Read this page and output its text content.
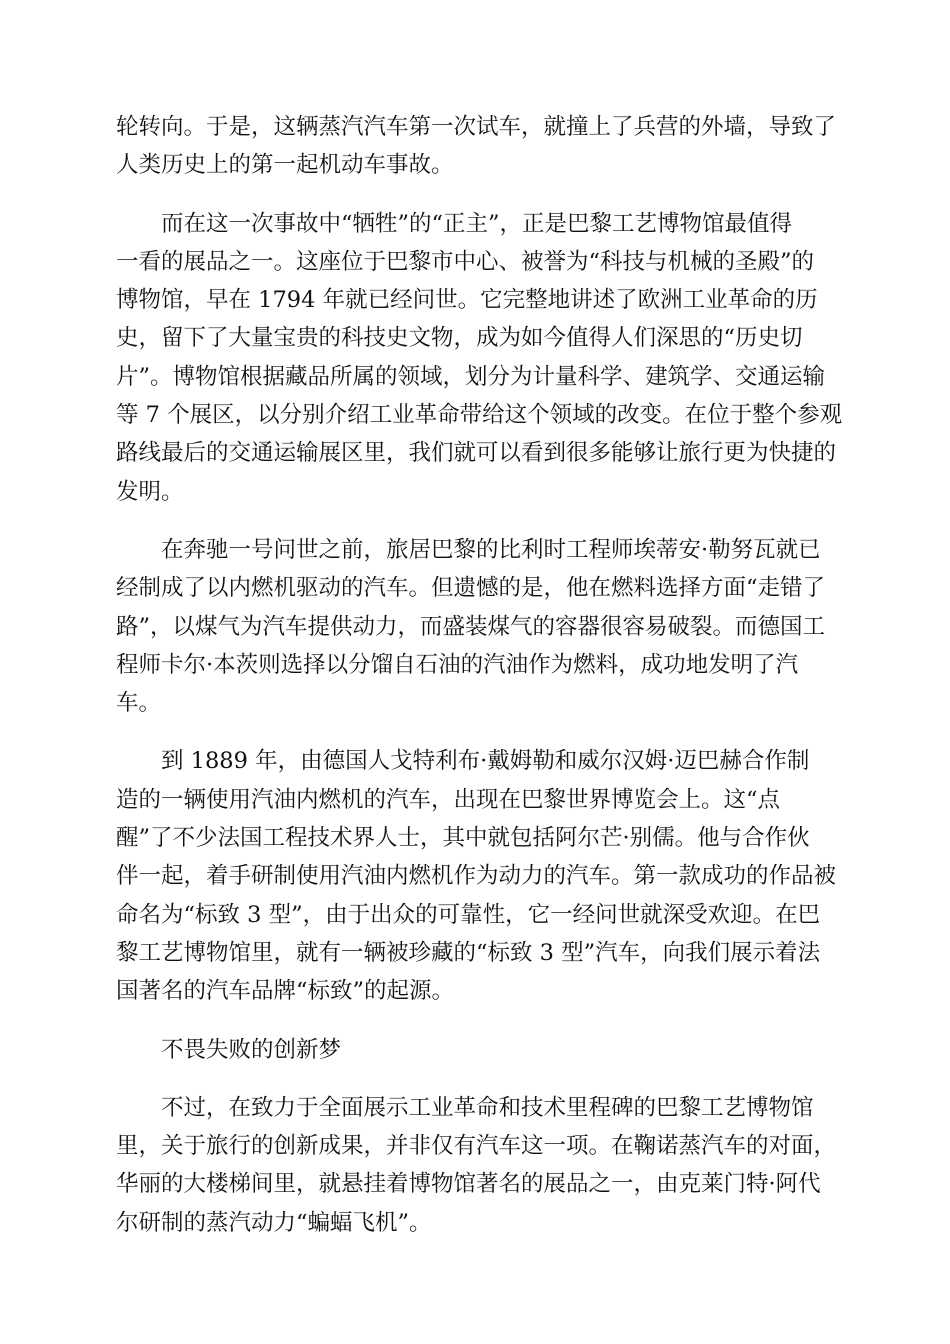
轮转向。于是，这辆蒸汽汽车第一次试车，就撞上了兵营的外墙，导致了
人类历史上的第一起机动车事故。
　　而在这一次事故中“牺牲”的“正主”，正是巴黎工艺博物馆最值得
一看的展品之一。这座位于巴黎市中心、被誉为“科技与机械的圣殿”的
博物馆，早在 1794 年就已经问世。它完整地讲述了欧洲工业革命的历
史，留下了大量宝贵的科技史文物，成为如今值得人们深思的“历史切
片”。博物馆根据藏品所属的领域，划分为计量科学、建筑学、交通运输
等 7 个展区，以分别介绍工业革命带给这个领域的改变。在位于整个参观
路线最后的交通运输展区里，我们就可以看到很多能够让旅行更为快捷的
发明。
　　在奔驰一号问世之前，旅居巴黎的比利时工程师埃蒂安·勒努瓦就已
经制成了以内燃机驱动的汽车。但遗憾的是，他在燃料选择方面“走错了
路”，以煤气为汽车提供动力，而盛装煤气的容器很容易破裂。而德国工
程师卡尔·本茨则选择以分馏自石油的汽油作为燃料，成功地发明了汽
车。
　　到 1889 年，由德国人戈特利布·戴姆勒和威尔汉姆·迈巴赫合作制
造的一辆使用汽油内燃机的汽车，出现在巴黎世界博览会上。这“点
醒”了不少法国工程技术界人士，其中就包括阿尔芒·别儒。他与合作伙
伴一起，着手研制使用汽油内燃机作为动力的汽车。第一款成功的作品被
命名为“标致 3 型”，由于出众的可靠性，它一经问世就深受欢迎。在巴
黎工艺博物馆里，就有一辆被珍藏的“标致 3 型”汽车，向我们展示着法
国著名的汽车品牌“标致”的起源。
　　不畏失败的创新梦
　　不过，在致力于全面展示工业革命和技术里程碑的巴黎工艺博物馆
里，关于旅行的创新成果，并非仅有汽车这一项。在鞠诺蒸汽车的对面，
华丽的大楼梯间里，就悬挂着博物馆著名的展品之一，由克莱门特·阿代
尔研制的蒸汽动力“蝙蝠飞机”。
